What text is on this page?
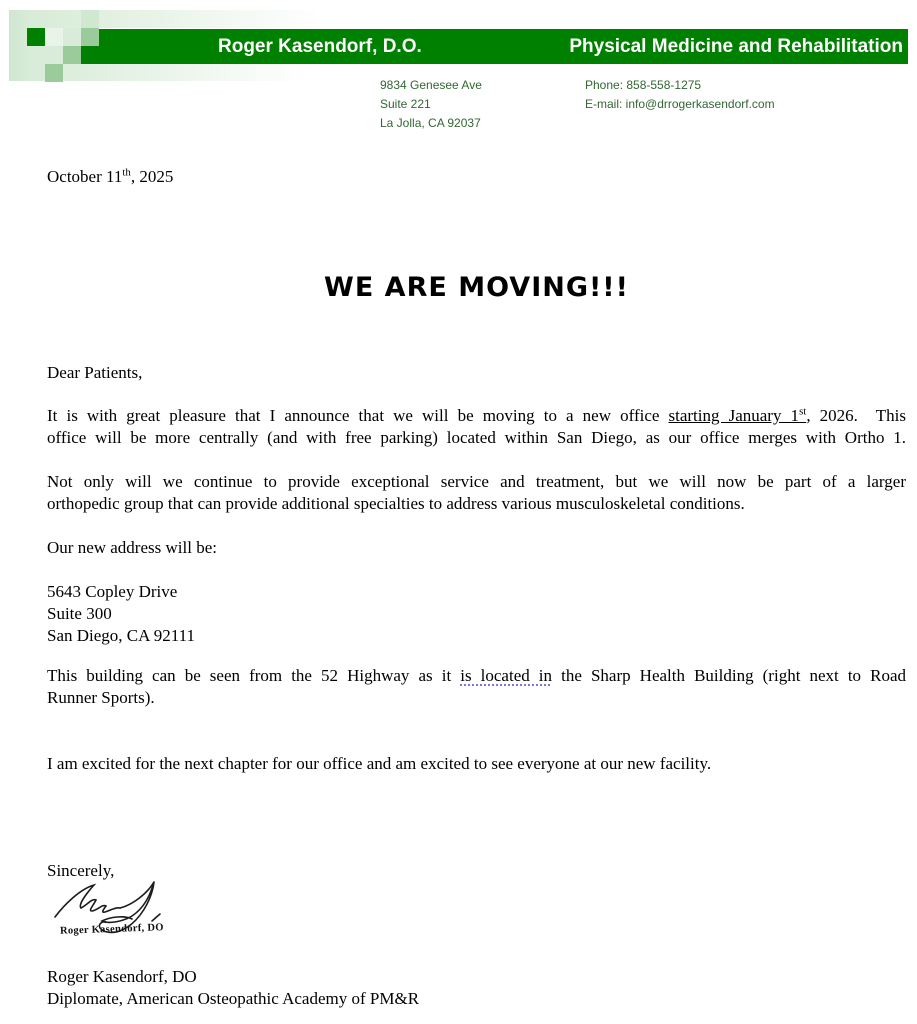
Roger Kasendorf, D.O.	Physical Medicine and Rehabilitation
9834 Genesee Ave
Suite 221
La Jolla, CA 92037
Phone: 858-558-1275
E-mail: info@drrogerkasendorf.com
October 11th, 2025
WE ARE MOVING!!!
Dear Patients,
It is with great pleasure that I announce that we will be moving to a new office starting January 1st, 2026.  This
office will be more centrally (and with free parking) located within San Diego, as our office merges with Ortho 1.
Not only will we continue to provide exceptional service and treatment, but we will now be part of a larger
orthopedic group that can provide additional specialties to address various musculoskeletal conditions.
Our new address will be:
5643 Copley Drive
Suite 300
San Diego, CA 92111
This building can be seen from the 52 Highway as it is located in the Sharp Health Building (right next to Road
Runner Sports).
I am excited for the next chapter for our office and am excited to see everyone at our new facility.
Sincerely,
Roger Kasendorf, DO
Roger Kasendorf, DO
Diplomate, American Osteopathic Academy of PM&R
